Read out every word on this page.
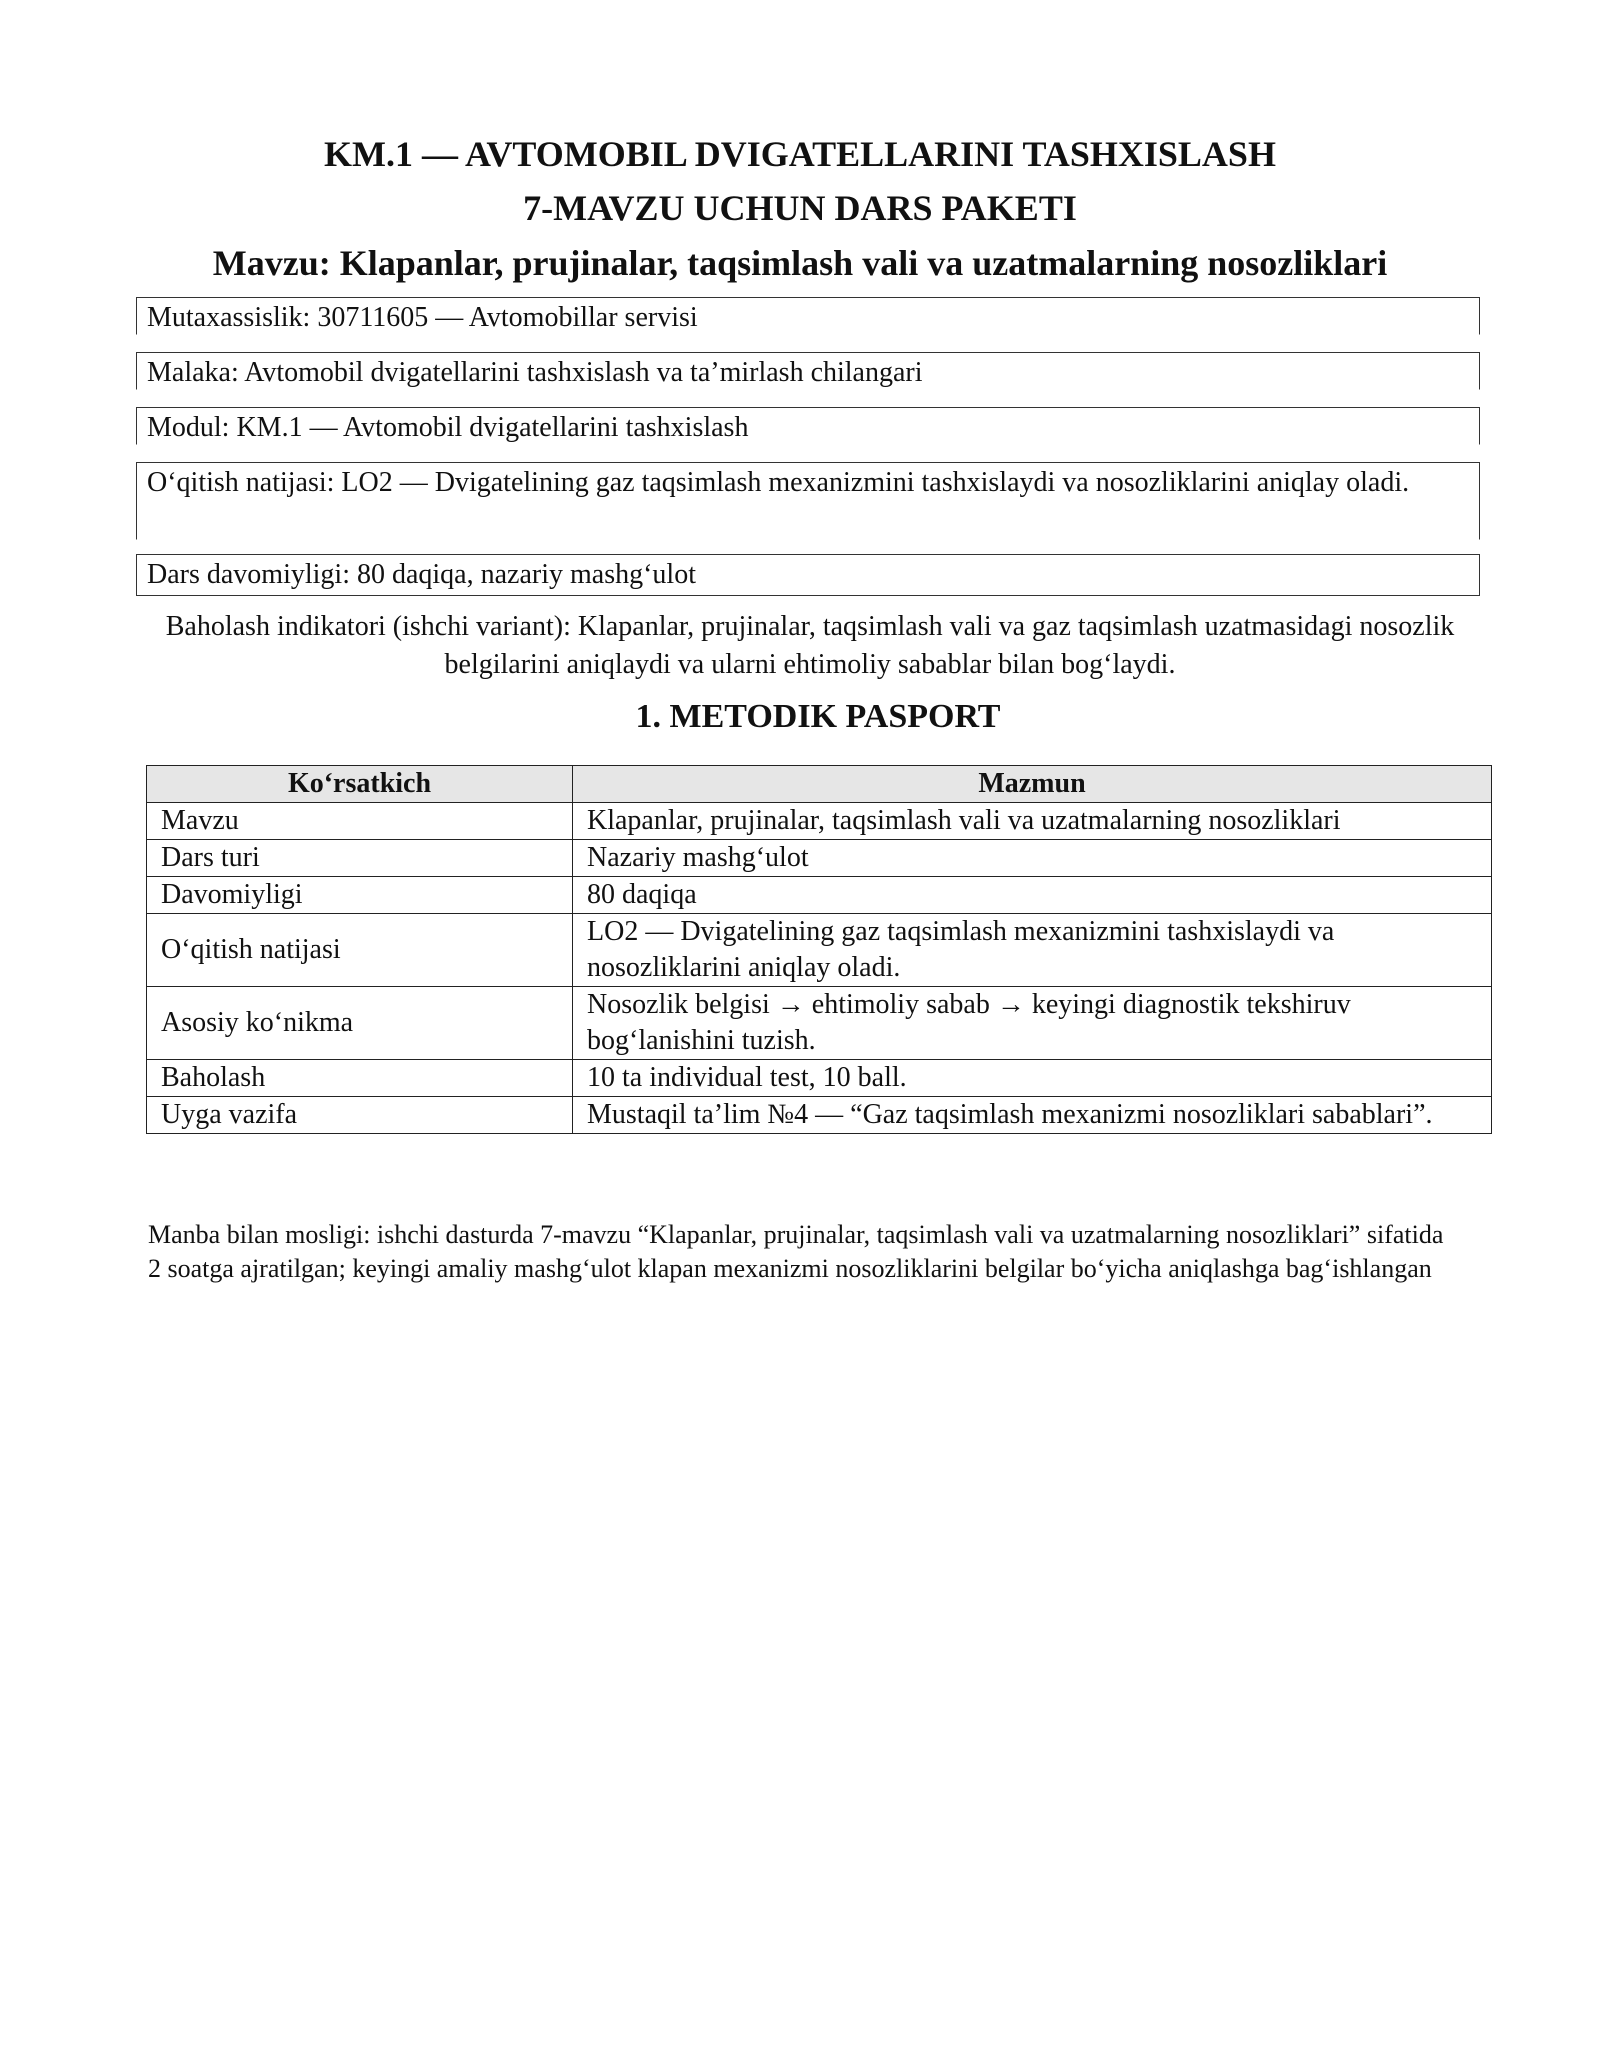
KM.1 — AVTOMOBIL DVIGATELLARINI TASHXISLASH
7-MAVZU UCHUN DARS PAKETI
Mavzu: Klapanlar, prujinalar, taqsimlash vali va uzatmalarning nosozliklari
Mutaxassislik: 30711605 — Avtomobillar servisi
Malaka: Avtomobil dvigatellarini tashxislash va ta’mirlash chilangari
Modul: KM.1 — Avtomobil dvigatellarini tashxislash
O‘qitish natijasi: LO2 — Dvigatelining gaz taqsimlash mexanizmini tashxislaydi va nosozliklarini aniqlay oladi.
Dars davomiyligi: 80 daqiqa, nazariy mashg‘ulot
Baholash indikatori (ishchi variant): Klapanlar, prujinalar, taqsimlash vali va gaz taqsimlash uzatmasidagi nosozlik belgilarini aniqlaydi va ularni ehtimoliy sabablar bilan bog‘laydi.
1. METODIK PASPORT
Ko‘rsatkich	Mazmun
Mavzu	Klapanlar, prujinalar, taqsimlash vali va uzatmalarning nosozliklari
Dars turi	Nazariy mashg‘ulot
Davomiyligi	80 daqiqa
O‘qitish natijasi	LO2 — Dvigatelining gaz taqsimlash mexanizmini tashxislaydi va nosozliklarini aniqlay oladi.
Asosiy ko‘nikma	Nosozlik belgisi → ehtimoliy sabab → keyingi diagnostik tekshiruv bog‘lanishini tuzish.
Baholash	10 ta individual test, 10 ball.
Uyga vazifa	Mustaqil ta’lim №4 — “Gaz taqsimlash mexanizmi nosozliklari sabablari”.
Manba bilan mosligi: ishchi dasturda 7-mavzu “Klapanlar, prujinalar, taqsimlash vali va uzatmalarning nosozliklari” sifatida 2 soatga ajratilgan; keyingi amaliy mashg‘ulot klapan mexanizmi nosozliklarini belgilar bo‘yicha aniqlashga bag‘ishlangan
